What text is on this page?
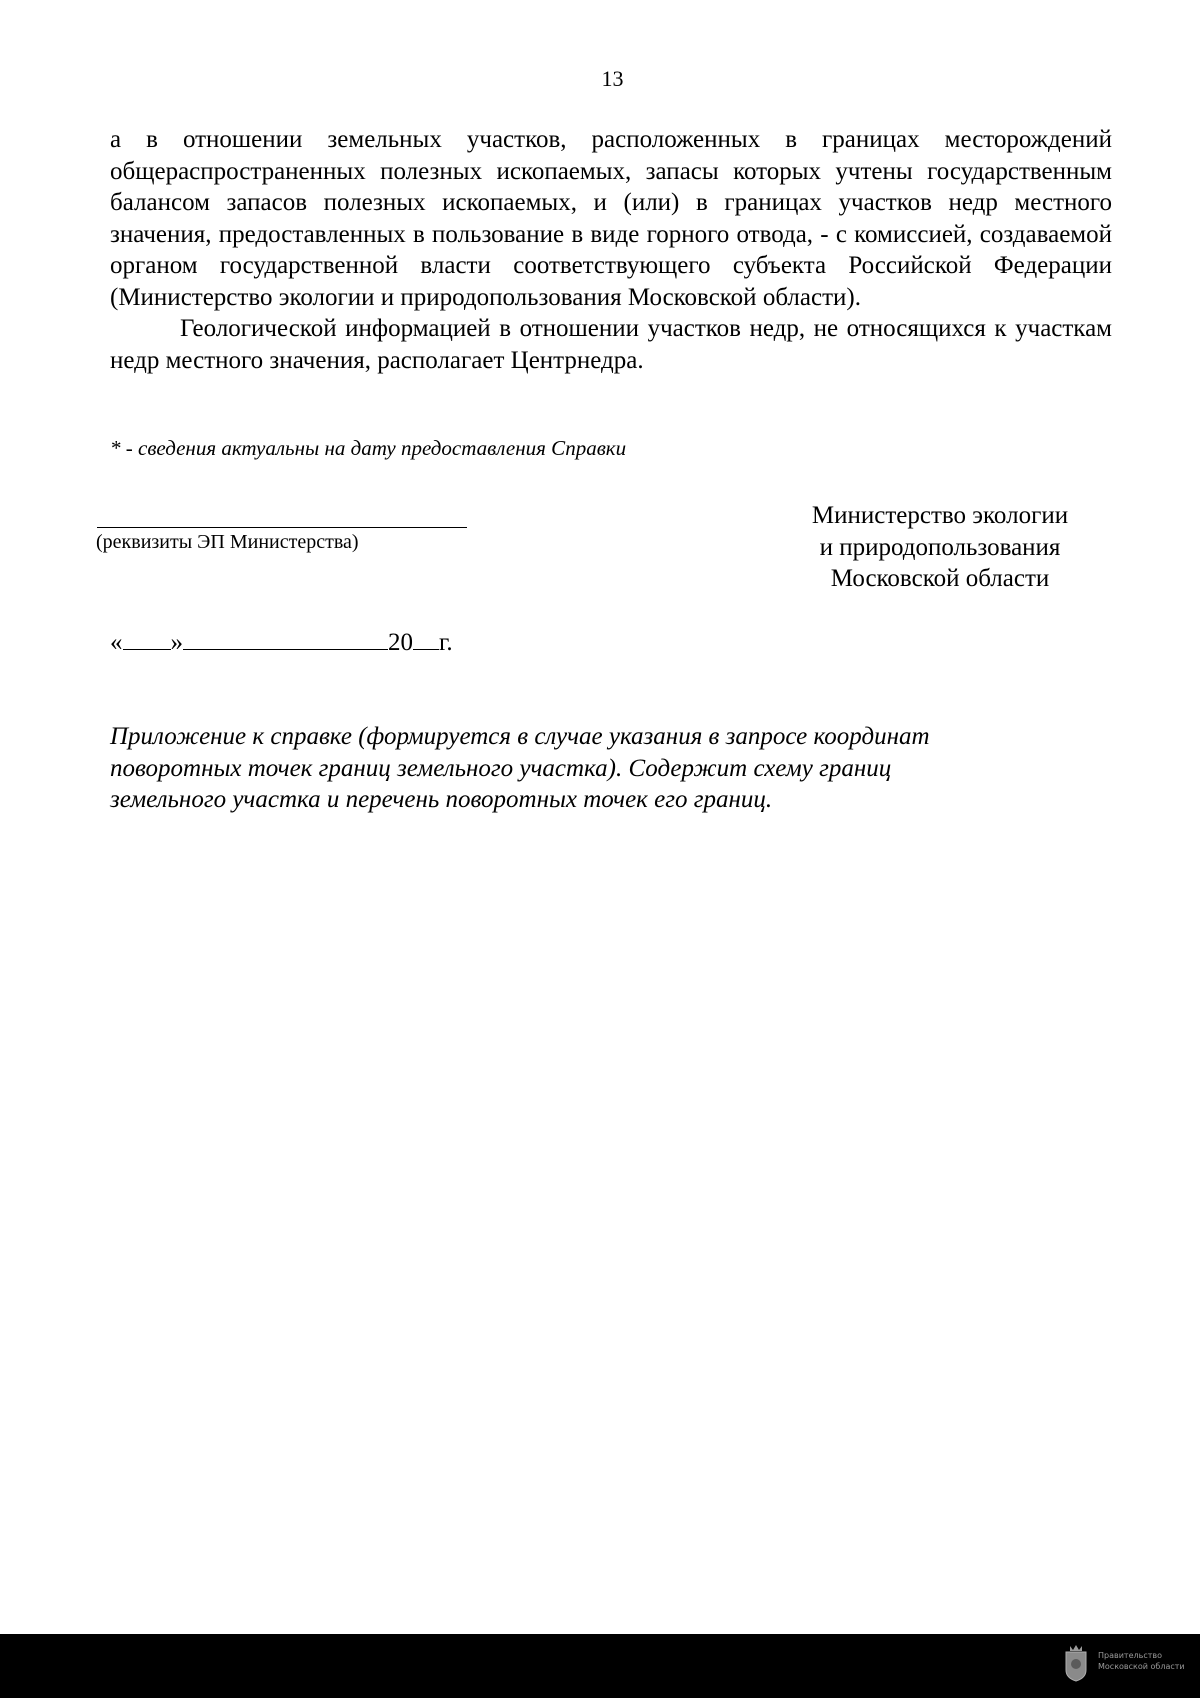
13

а в отношении земельных участков, расположенных в границах месторождений общераспространенных полезных ископаемых, запасы которых учтены государственным балансом запасов полезных ископаемых, и (или) в границах участков недр местного значения, предоставленных в пользование в виде горного отвода, - с комиссией, создаваемой органом государственной власти соответствующего субъекта Российской Федерации (Министерство экологии и природопользования Московской области).

Геологической информацией в отношении участков недр, не относящихся к участкам недр местного значения, располагает Центрнедра.

* - сведения актуальны на дату предоставления Справки
(реквизиты ЭП Министерства)
Министерство экологии
и природопользования
Московской области
« »	20 г.
Приложение к справке (формируется в случае указания в запросе координат
поворотных точек границ земельного участка). Содержит схему границ
земельного участка и перечень поворотных точек его границ.
Правительство
Московской области
